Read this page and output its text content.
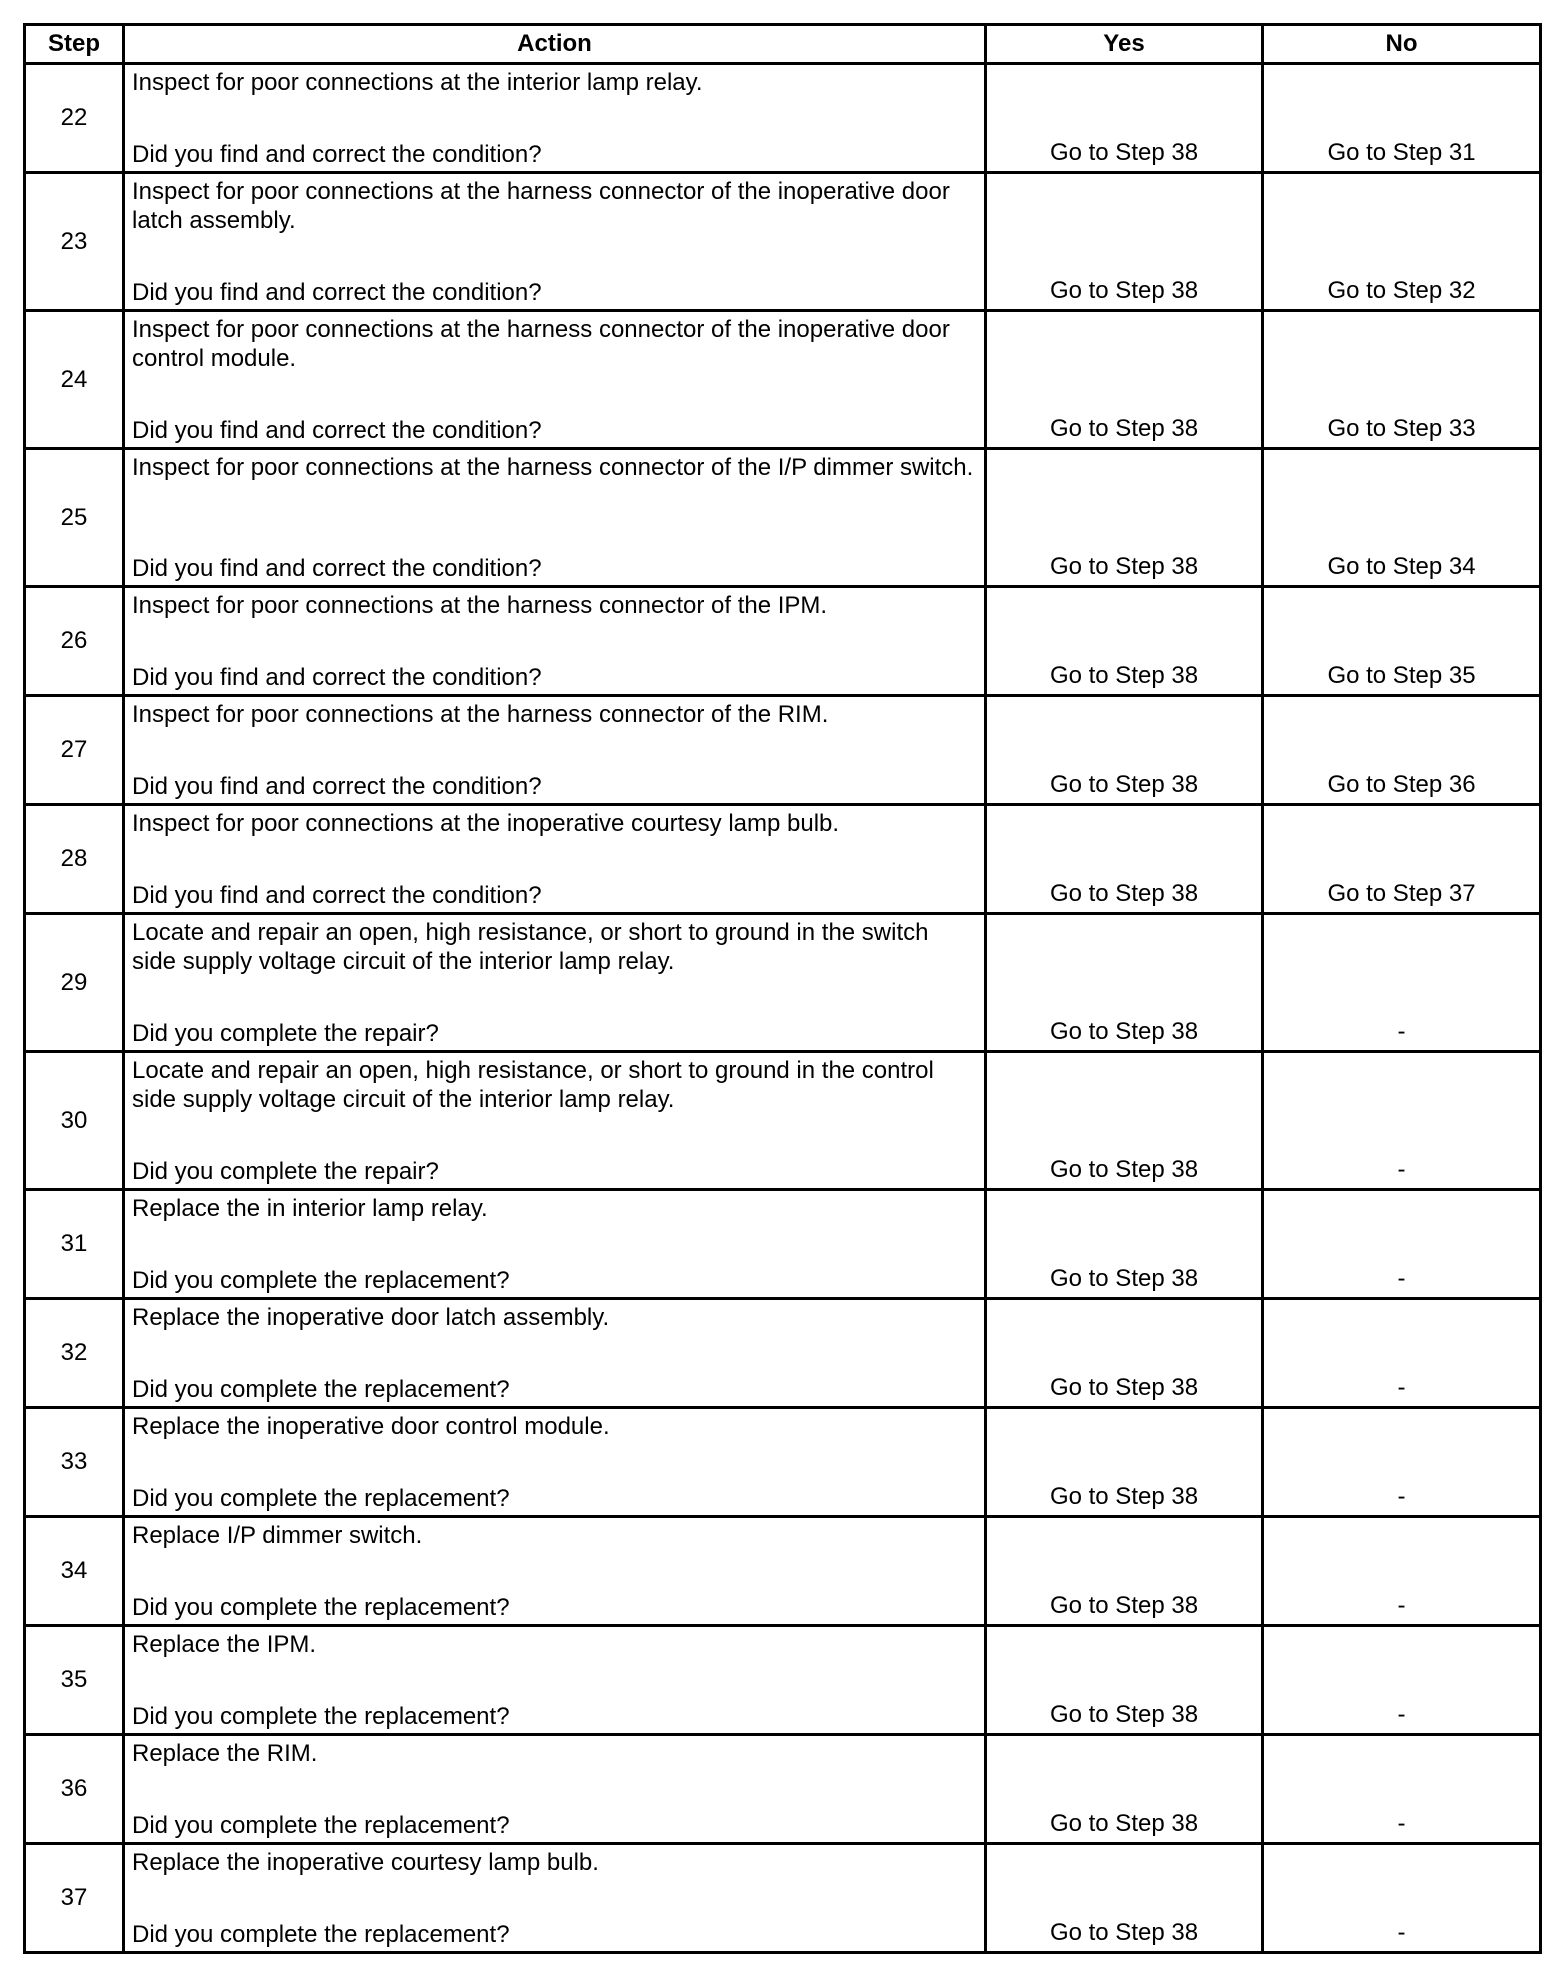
Step	Action	Yes	No
22	Inspect for poor connections at the interior lamp relay.
Did you find and correct the condition?	Go to Step 38	Go to Step 31
23	Inspect for poor connections at the harness connector of the inoperative door latch assembly.
Did you find and correct the condition?	Go to Step 38	Go to Step 32
24	Inspect for poor connections at the harness connector of the inoperative door control module.
Did you find and correct the condition?	Go to Step 38	Go to Step 33
25	Inspect for poor connections at the harness connector of the I/P dimmer switch.
Did you find and correct the condition?	Go to Step 38	Go to Step 34
26	Inspect for poor connections at the harness connector of the IPM.
Did you find and correct the condition?	Go to Step 38	Go to Step 35
27	Inspect for poor connections at the harness connector of the RIM.
Did you find and correct the condition?	Go to Step 38	Go to Step 36
28	Inspect for poor connections at the inoperative courtesy lamp bulb.
Did you find and correct the condition?	Go to Step 38	Go to Step 37
29	Locate and repair an open, high resistance, or short to ground in the switch side supply voltage circuit of the interior lamp relay.
Did you complete the repair?	Go to Step 38	-
30	Locate and repair an open, high resistance, or short to ground in the control side supply voltage circuit of the interior lamp relay.
Did you complete the repair?	Go to Step 38	-
31	Replace the in interior lamp relay.
Did you complete the replacement?	Go to Step 38	-
32	Replace the inoperative door latch assembly.
Did you complete the replacement?	Go to Step 38	-
33	Replace the inoperative door control module.
Did you complete the replacement?	Go to Step 38	-
34	Replace I/P dimmer switch.
Did you complete the replacement?	Go to Step 38	-
35	Replace the IPM.
Did you complete the replacement?	Go to Step 38	-
36	Replace the RIM.
Did you complete the replacement?	Go to Step 38	-
37	Replace the inoperative courtesy lamp bulb.
Did you complete the replacement?	Go to Step 38	-
